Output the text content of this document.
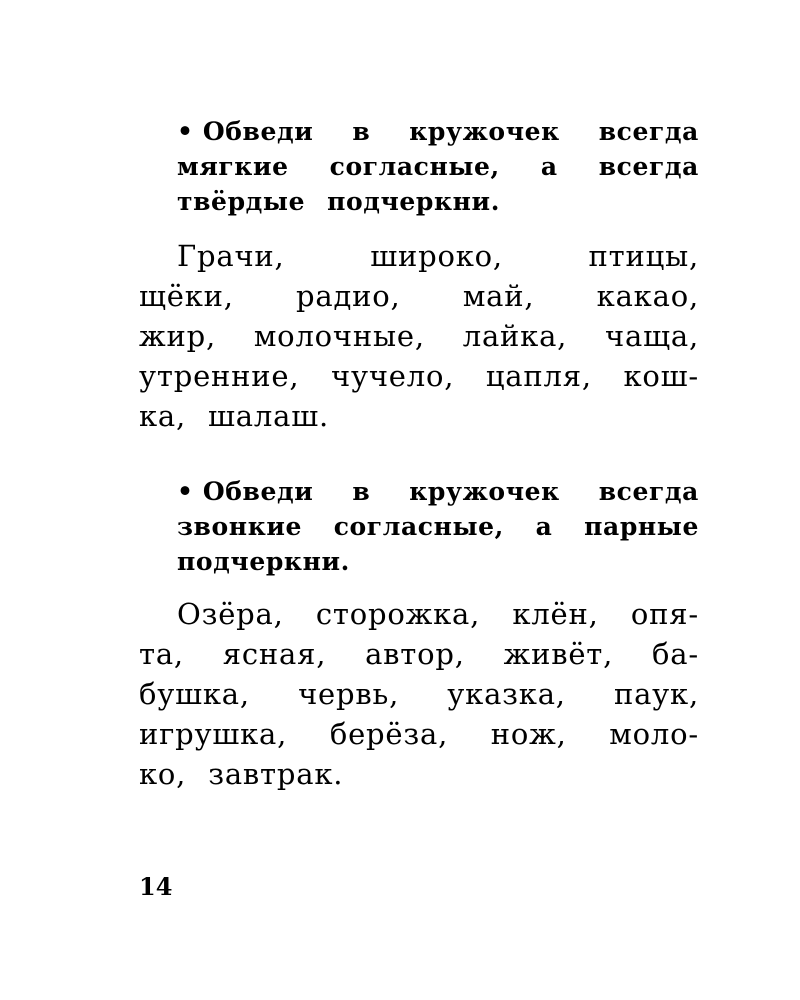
• Обведи в кружочек всегда
мягкие согласные, а всегда
твёрдые подчеркни.
Грачи,	широко,	птицы,
щёки, радио, май, какао,
жир, молочные, лайка, чаща,
утренние, чучело, цапля, кош-
ка, шалаш.
• Обведи в кружочек всегда
звонкие согласные, а парные
подчеркни.
Озёра, сторожка, клён, опя-
та, ясная, автор, живёт, ба-
бушка, червь, указка, паук,
игрушка, берёза, нож, моло-
ко, завтрак.
14
